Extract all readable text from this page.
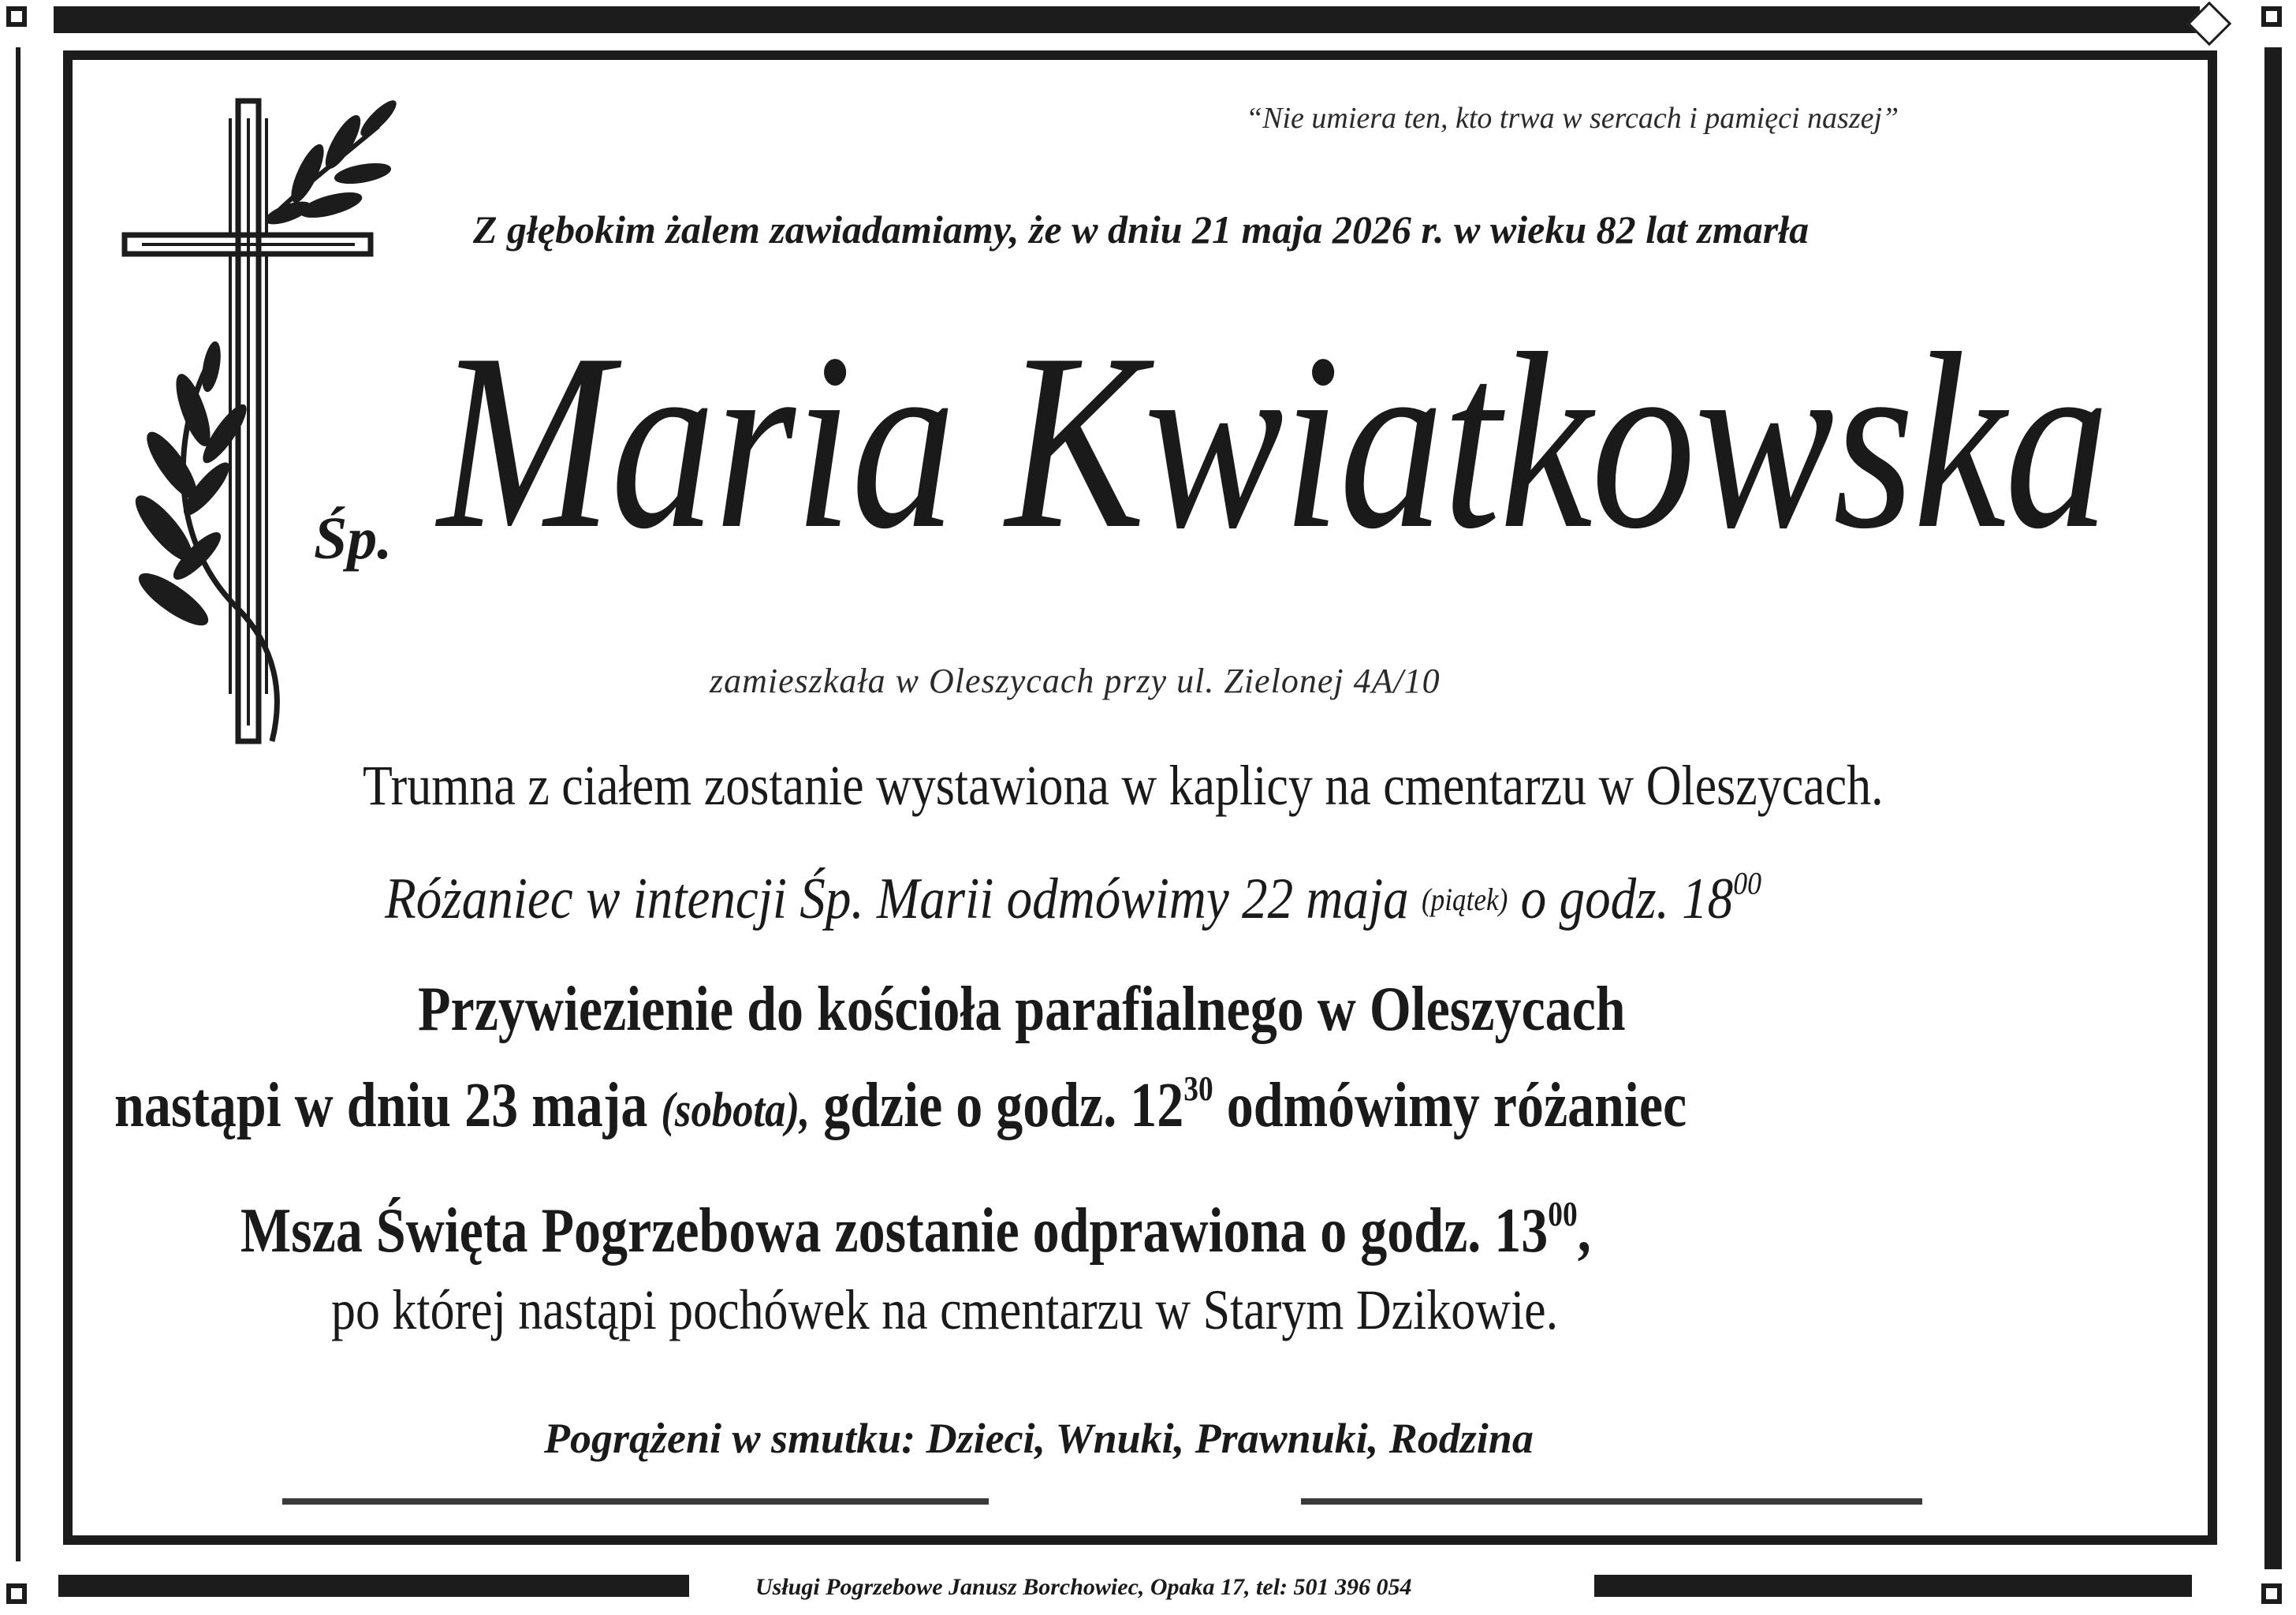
“Nie umiera ten, kto trwa w sercach i pamięci naszej”
Z głębokim żalem zawiadamiamy, że w dniu 21 maja 2026 r. w wieku 82 lat zmarła
Śp. Maria Kwiatkowska
zamieszkała w Oleszycach przy ul. Zielonej 4A/10
Trumna z ciałem zostanie wystawiona w kaplicy na cmentarzu w Oleszycach.
Różaniec w intencji Śp. Marii odmówimy 22 maja (piątek) o godz. $18^{00}$
Przywiezienie do kościoła parafialnego w Oleszycach
nastąpi w dniu 23 maja (sobota), gdzie o godz. $12^{30}$ odmówimy różaniec
Msza Święta Pogrzebowa zostanie odprawiona o godz. $13^{00}$,
po której nastąpi pochówek na cmentarzu w Starym Dzikowie.
Pogrążeni w smutku: Dzieci, Wnuki, Prawnuki, Rodzina
Usługi Pogrzebowe Janusz Borchowiec, Opaka 17, tel: 501 396 054
